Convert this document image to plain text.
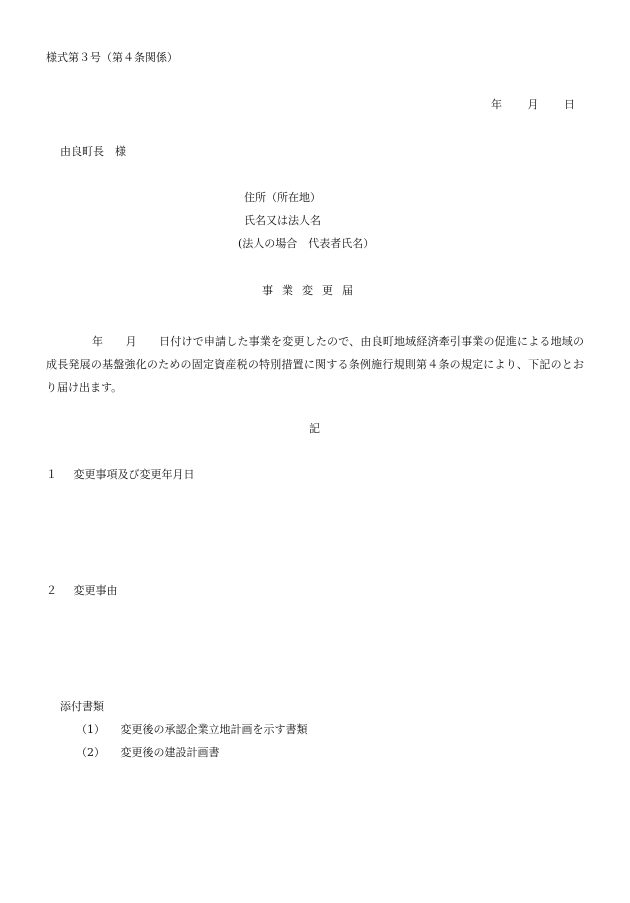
様式第３号（第４条関係）
年 月 日
由良町長　様
住所（所在地）
氏名又は法人名
(法人の場合　代表者氏名）
事業変更届
年　　月　　日付けで申請した事業を変更したので、由良町地域経済牽引事業の促進による地域の成長発展の基盤強化のための固定資産税の特別措置に関する条例施行規則第４条の規定により、下記のとおり届け出ます。
記
１ 変更事項及び変更年月日
２ 変更事由
添付書類
（1） 変更後の承認企業立地計画を示す書類
（2） 変更後の建設計画書
